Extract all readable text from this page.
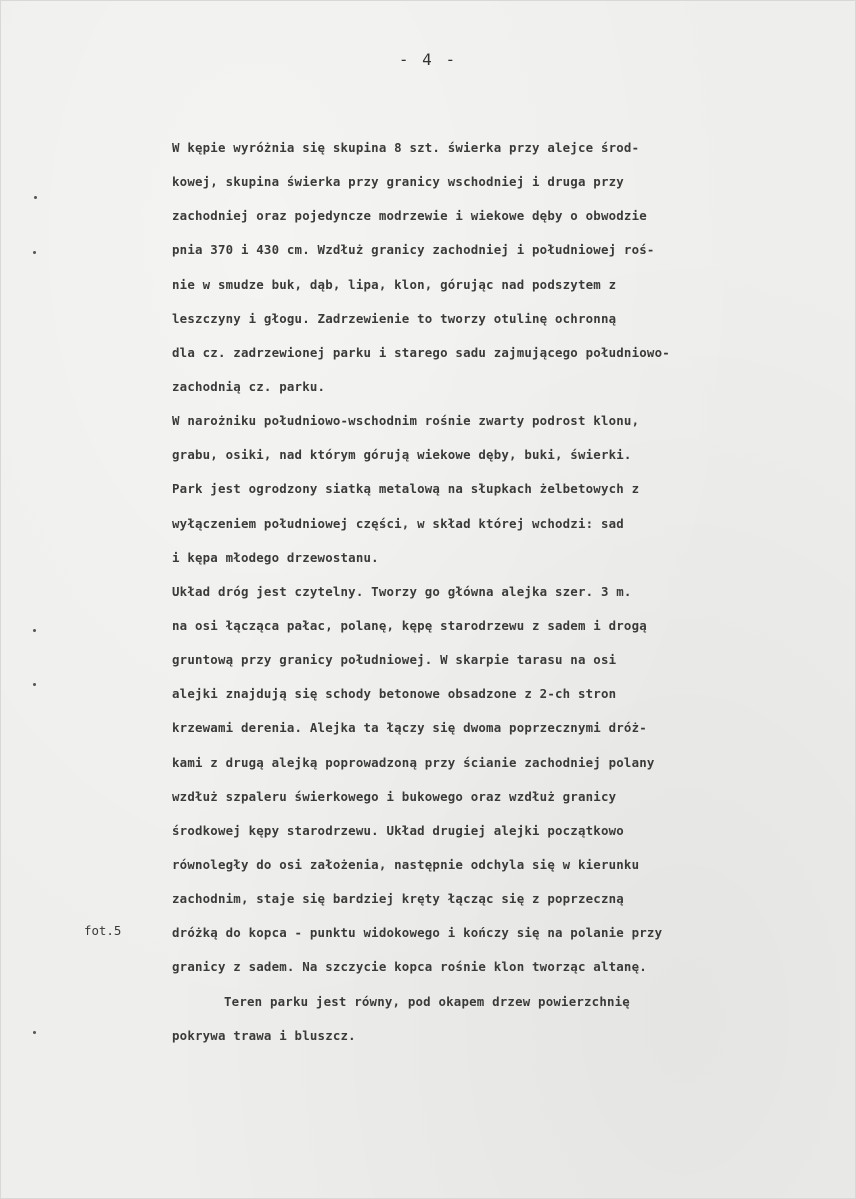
- 4 -
W kępie wyróżnia się skupina 8 szt. świerka przy alejce środ-
kowej, skupina świerka przy granicy wschodniej i druga przy
zachodniej oraz pojedyncze modrzewie i wiekowe dęby o obwodzie
pnia 370 i 430 cm. Wzdłuż granicy zachodniej i południowej roś-
nie w smudze buk, dąb, lipa, klon, górując nad podszytem z
leszczyny i głogu. Zadrzewienie to tworzy otulinę ochronną
dla cz. zadrzewionej parku i starego sadu zajmującego południowo-
zachodnią cz. parku.
W narożniku południowo-wschodnim rośnie zwarty podrost klonu,
grabu, osiki, nad którym górują wiekowe dęby, buki, świerki.
Park jest ogrodzony siatką metalową na słupkach żelbetowych z
wyłączeniem południowej części, w skład której wchodzi: sad
i kępa młodego drzewostanu.
Układ dróg jest czytelny. Tworzy go główna alejka szer. 3 m.
na osi łącząca pałac, polanę, kępę starodrzewu z sadem i drogą
gruntową przy granicy południowej. W skarpie tarasu na osi
alejki znajdują się schody betonowe obsadzone z 2-ch stron
krzewami derenia. Alejka ta łączy się dwoma poprzecznymi dróż-
kami z drugą alejką poprowadzoną przy ścianie zachodniej polany
wzdłuż szpaleru świerkowego i bukowego oraz wzdłuż granicy
środkowej kępy starodrzewu. Układ drugiej alejki początkowo
równoległy do osi założenia, następnie odchyla się w kierunku
zachodnim, staje się bardziej kręty łącząc się z poprzeczną
dróżką do kopca - punktu widokowego i kończy się na polanie przy
granicy z sadem. Na szczycie kopca rośnie klon tworząc altanę.
Teren parku jest równy, pod okapem drzew powierzchnię
pokrywa trawa i bluszcz.
fot.5
